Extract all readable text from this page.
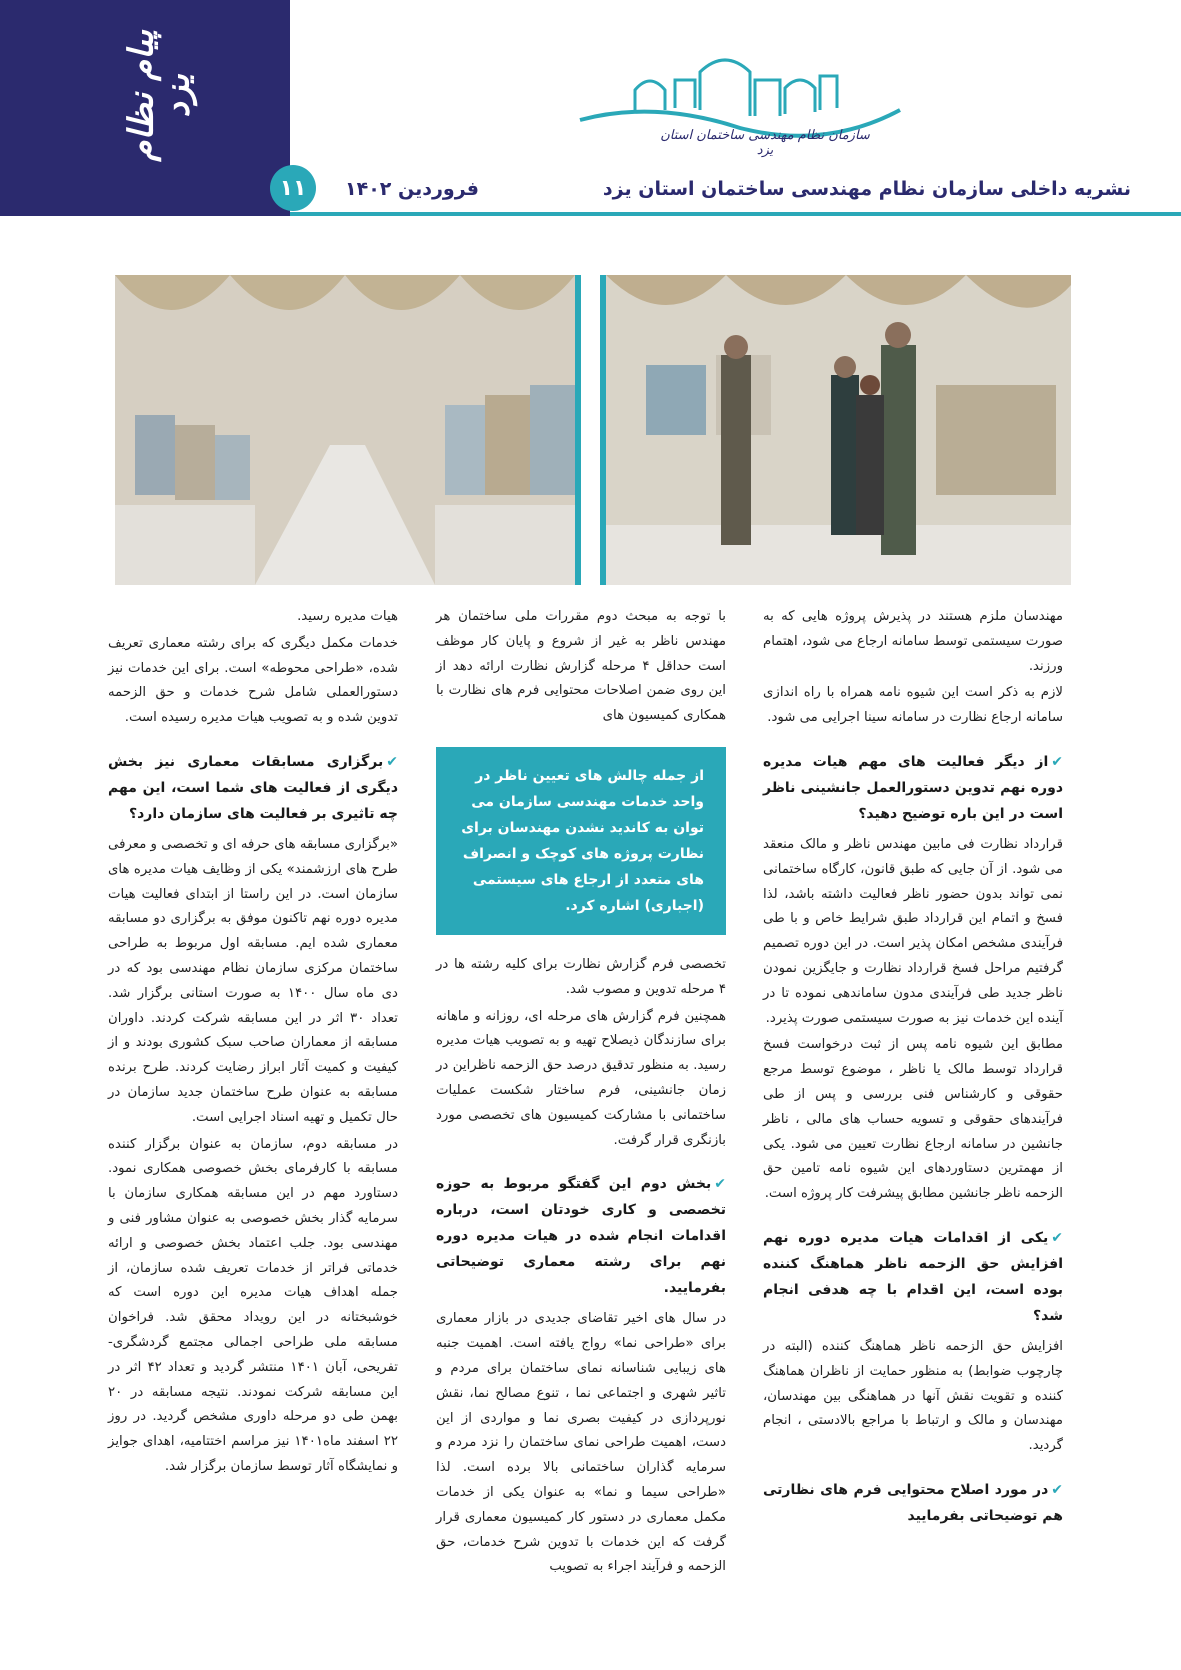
پیام نظام یزد
۱۱
سازمان نظام مهندسی ساختمان استان یزد
نشریه داخلی سازمان نظام مهندسی ساختمان استان یزد
فروردین ۱۴۰۲

مهندسان ملزم هستند در پذیرش پروژه هایی که به صورت سیستمی توسط سامانه ارجاع می شود، اهتمام ورزند.

لازم به ذکر است این شیوه نامه همراه با راه اندازی سامانه ارجاع نظارت در سامانه سینا اجرایی می شود.

✔از دیگر فعالیت های مهم هیات مدیره دوره نهم تدوین دستورالعمل جانشینی ناظر است در این باره توضیح دهید؟

قرارداد نظارت فی مابین مهندس ناظر و مالک منعقد می شود. از آن جایی که طبق قانون، کارگاه ساختمانی نمی تواند بدون حضور ناظر فعالیت داشته باشد، لذا فسخ و اتمام این قرارداد طبق شرایط خاص و با طی فرآیندی مشخص امکان پذیر است. در این دوره تصمیم گرفتیم مراحل فسخ قرارداد نظارت و جایگزین نمودن ناظر جدید طی فرآیندی مدون ساماندهی نموده تا در آینده این خدمات نیز به صورت سیستمی صورت پذیرد.

مطابق این شیوه نامه پس از ثبت درخواست فسخ قرارداد توسط مالک یا ناظر ، موضوع توسط مرجع حقوقی و کارشناس فنی بررسی و پس از طی فرآیندهای حقوقی و تسویه حساب های مالی ، ناظر جانشین در سامانه ارجاع نظارت تعیین می شود. یکی از مهمترین دستاوردهای این شیوه نامه تامین حق الزحمه ناظر جانشین مطابق پیشرفت کار پروژه است.

✔یکی از اقدامات هیات مدیره دوره نهم افزایش حق الزحمه ناظر هماهنگ کننده بوده است، این اقدام با چه هدفی انجام شد؟

افزایش حق الزحمه ناظر هماهنگ کننده (البته در چارچوب ضوابط) به منظور حمایت از ناظران هماهنگ کننده و تقویت نقش آنها در هماهنگی بین مهندسان، مهندسان و مالک و ارتباط با مراجع بالادستی ، انجام گردید.

✔در مورد اصلاح محتوایی فرم های نظارتی هم توضیحاتی بفرمایید

با توجه به مبحث دوم مقررات ملی ساختمان هر مهندس ناظر به غیر از شروع و پایان کار موظف است حداقل ۴ مرحله گزارش نظارت ارائه دهد از این روی ضمن اصلاحات محتوایی فرم های نظارت با همکاری کمیسیون های

از جمله چالش های تعیین ناظر در واحد خدمات مهندسی سازمان می توان به کاندید نشدن مهندسان برای نظارت پروژه های کوچک و انصراف های متعدد از ارجاع های سیستمی (اجباری) اشاره کرد.

تخصصی فرم گزارش نظارت برای کلیه رشته ها در ۴ مرحله تدوین و مصوب شد.

همچنین فرم گزارش های مرحله ای، روزانه و ماهانه برای سازندگان ذیصلاح تهیه و به تصویب هیات مدیره رسید. به منظور تدقیق درصد حق الزحمه ناظراین در زمان جانشینی، فرم ساختار شکست عملیات ساختمانی با مشارکت کمیسیون های تخصصی مورد بازنگری قرار گرفت.

✔بخش دوم این گفتگو مربوط به حوزه تخصصی و کاری خودتان است، درباره اقدامات انجام شده در هیات مدیره دوره نهم برای رشته معماری توضیحاتی بفرمایید.

در سال های اخیر تقاضای جدیدی در بازار معماری برای «طراحی نما» رواج یافته است. اهمیت جنبه های زیبایی شناسانه نمای ساختمان برای مردم و تاثیر شهری و اجتماعی نما ، تنوع مصالح نما، نقش نورپردازی در کیفیت بصری نما و مواردی از این دست، اهمیت طراحی نمای ساختمان را نزد مردم و سرمایه گذاران ساختمانی بالا برده است. لذا «طراحی سیما و نما» به عنوان یکی از خدمات مکمل معماری در دستور کار کمیسیون معماری قرار گرفت که این خدمات با تدوین شرح خدمات، حق الزحمه و فرآیند اجراء به تصویب

هیات مدیره رسید.

خدمات مکمل دیگری که برای رشته معماری تعریف شده، «طراحی محوطه» است. برای این خدمات نیز دستورالعملی شامل شرح خدمات و حق الزحمه تدوین شده و به تصویب هیات مدیره رسیده است.

✔برگزاری مسابقات معماری نیز بخش دیگری از فعالیت های شما است، این مهم چه تاثیری بر فعالیت های سازمان دارد؟

«برگزاری مسابقه های حرفه ای و تخصصی و معرفی طرح های ارزشمند» یکی از وظایف هیات مدیره های سازمان است. در این راستا از ابتدای فعالیت هیات مدیره دوره نهم تاکنون موفق به برگزاری دو مسابقه معماری شده ایم. مسابقه اول مربوط به طراحی ساختمان مرکزی سازمان نظام مهندسی بود که در دی ماه سال ۱۴۰۰ به صورت استانی برگزار شد. تعداد ۳۰ اثر در این مسابقه شرکت کردند. داوران مسابقه از معماران صاحب سبک کشوری بودند و از کیفیت و کمیت آثار ابراز رضایت کردند. طرح برنده مسابقه به عنوان طرح ساختمان جدید سازمان در حال تکمیل و تهیه اسناد اجرایی است.

در مسابقه دوم، سازمان به عنوان برگزار کننده مسابقه با کارفرمای بخش خصوصی همکاری نمود. دستاورد مهم در این مسابقه همکاری سازمان با سرمایه گذار بخش خصوصی به عنوان مشاور فنی و مهندسی بود. جلب اعتماد بخش خصوصی و ارائه خدماتی فراتر از خدمات تعریف شده سازمان، از جمله اهداف هیات مدیره این دوره است که خوشبختانه در این رویداد محقق شد. فراخوان مسابقه ملی طراحی اجمالی مجتمع گردشگری-تفریحی، آبان ۱۴۰۱ منتشر گردید و تعداد ۴۲ اثر در این مسابقه شرکت نمودند. نتیجه مسابقه در ۲۰ بهمن طی دو مرحله داوری مشخص گردید. در روز ۲۲ اسفند ماه۱۴۰۱ نیز مراسم اختتامیه، اهدای جوایز و نمایشگاه آثار توسط سازمان برگزار شد.
